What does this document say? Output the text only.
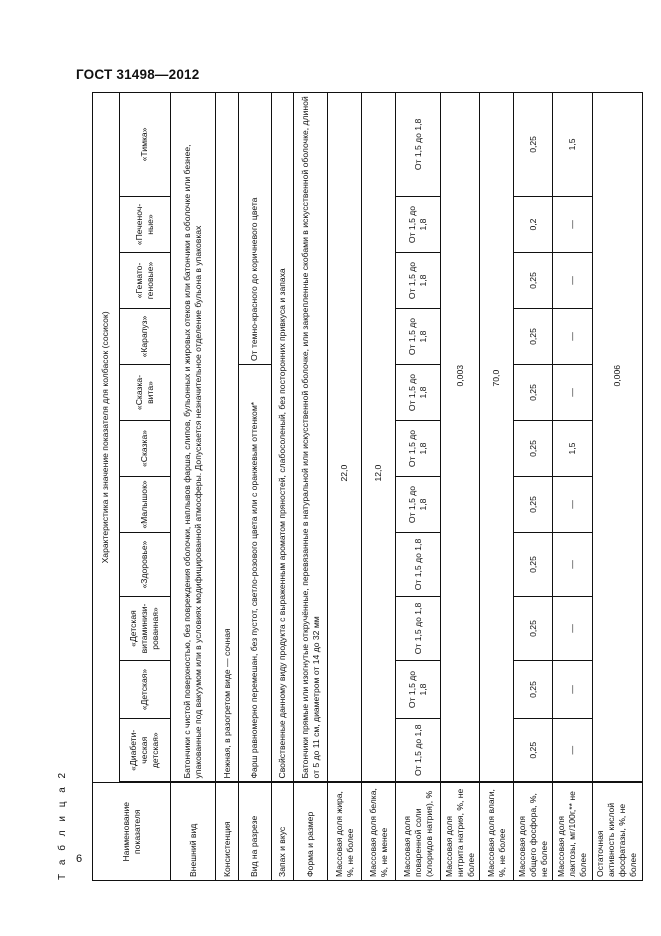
ГОСТ 31498—2012
Т а б л и ц а 2	Наименование показателя	Характеристика и значение показателя для колбасок (сосисок)										
	«Диабети-ческая детская»	«Детская»	«Детская витаминизи-рованная»	«Здоровье»	«Малышок»	«Сказка»	«Сказка-вита»	«Карапуз»	«Гемато-геновые»	«Печеноч-ные»	«Тимка»
Внешний вид	Батончики с чистой поверхностью, без повреждения оболочки, наплывов фарша, слипов, бульонных и жировых отеков или батончики в оболочке или безнее, упакованные под вакуумом или в условиях модифицированной атмосферы. Допускается незначительное отделение бульона в упаковках										
Консистенция	Нежная, в разогретом виде — сочная										
Вид на разрезе	Фарш равномерно перемешан, без пустот, светло-розового цвета или с оранжевым оттенком*							От темно-красного до коричневого цвета			
Запах и вкус	Свойственные данному виду продукта с выраженным ароматом пряностей, слабосоленый, без посторонних привкуса и запаха										
Форма и размер	Батончики прямые или изогнутые откручённые, перевязанные в натуральной или искусственной оболочке, или закрепленные скобами в искусственной оболочке, длиной от 5 до 11 см, диаметром от 14 до 32 мм										
Массовая доля жира, %, не более	22,0										
Массовая доля белка, %, не менее	12,0										
Массовая доля поваренной соли (хлоридов натрия), %	От 1,5 до 1,8	От 1,5 до 1,8	От 1,5 до 1,8	От 1,5 до 1,8	От 1,5 до 1,8	От 1,5 до 1,8	От 1,5 до 1,8	От 1,5 до 1,8	От 1,5 до 1,8	От 1,5 до 1,8	От 1,5 до 1,8
Массовая доля нитрита натрия, %, не более	0,003										
Массовая доля влаги, %, не более	70,0										
Массовая доля общего фосфора, %, не более	0,25	0,25	0,25	0,25	0,25	0,25	0,25	0,25	0,25	0,2	0,25
Массовая доля лактозы, мг/100г,** не более	—	—	—	—	—	1,5	—	—	—	—	1,5
Остаточная активность кислой фосфатазы, %, не более	0,006										
6
